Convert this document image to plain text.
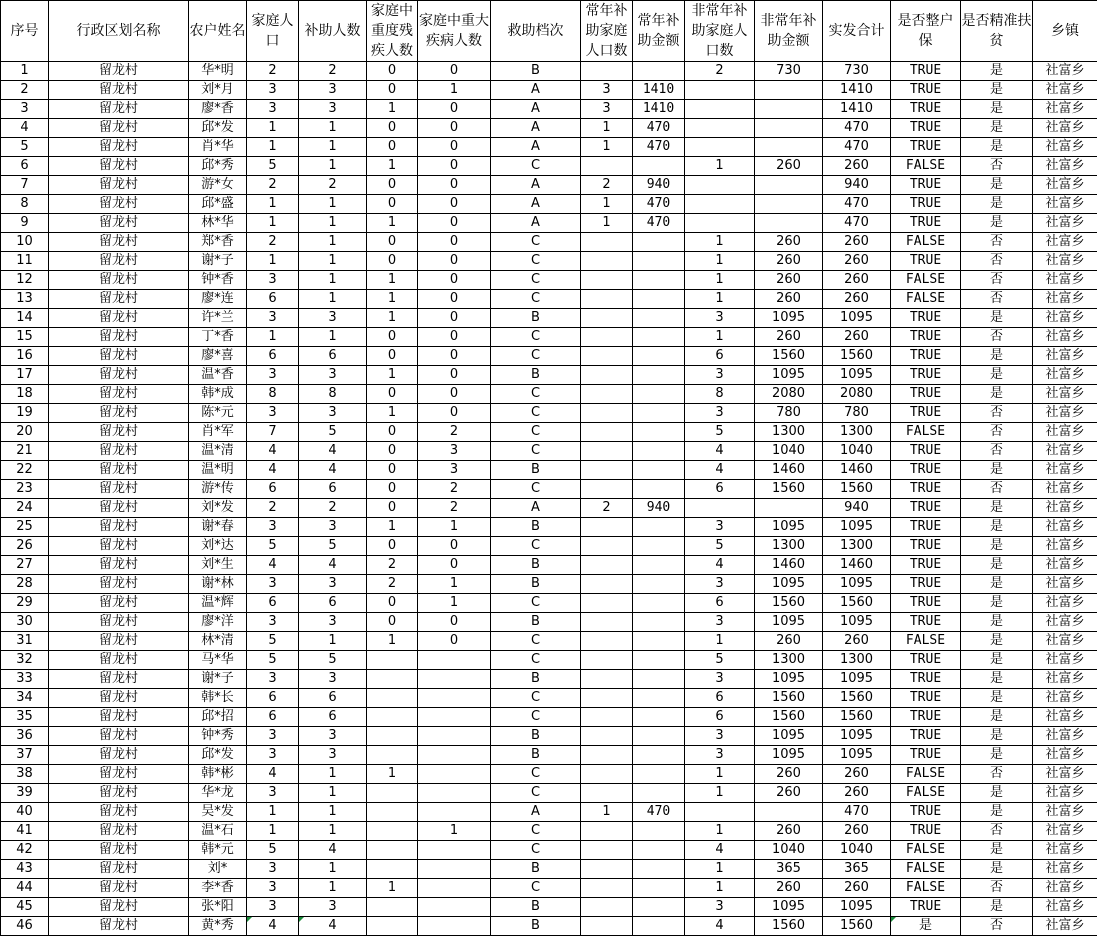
序号	行政区划名称	农户姓名	家庭人口	补助人数	家庭中重度残疾人数	家庭中重大疾病人数	救助档次	常年补助家庭人口数	常年补助金额	非常年补助家庭人口数	非常年补助金额	实发合计	是否整户保	是否精准扶贫	乡镇
1	留龙村	华*明	2	2	0	0	B			2	730	730	TRUE	是	社富乡
2	留龙村	刘*月	3	3	0	1	A	3	1410			1410	TRUE	是	社富乡
3	留龙村	廖*香	3	3	1	0	A	3	1410			1410	TRUE	是	社富乡
4	留龙村	邱*发	1	1	0	0	A	1	470			470	TRUE	是	社富乡
5	留龙村	肖*华	1	1	0	0	A	1	470			470	TRUE	是	社富乡
6	留龙村	邱*秀	5	1	1	0	C			1	260	260	FALSE	否	社富乡
7	留龙村	游*女	2	2	0	0	A	2	940			940	TRUE	是	社富乡
8	留龙村	邱*盛	1	1	0	0	A	1	470			470	TRUE	是	社富乡
9	留龙村	林*华	1	1	1	0	A	1	470			470	TRUE	是	社富乡
10	留龙村	郑*香	2	1	0	0	C			1	260	260	FALSE	否	社富乡
11	留龙村	谢*子	1	1	0	0	C			1	260	260	TRUE	否	社富乡
12	留龙村	钟*香	3	1	1	0	C			1	260	260	FALSE	否	社富乡
13	留龙村	廖*连	6	1	1	0	C			1	260	260	FALSE	否	社富乡
14	留龙村	许*兰	3	3	1	0	B			3	1095	1095	TRUE	是	社富乡
15	留龙村	丁*香	1	1	0	0	C			1	260	260	TRUE	否	社富乡
16	留龙村	廖*喜	6	6	0	0	C			6	1560	1560	TRUE	是	社富乡
17	留龙村	温*香	3	3	1	0	B			3	1095	1095	TRUE	是	社富乡
18	留龙村	韩*成	8	8	0	0	C			8	2080	2080	TRUE	是	社富乡
19	留龙村	陈*元	3	3	1	0	C			3	780	780	TRUE	否	社富乡
20	留龙村	肖*军	7	5	0	2	C			5	1300	1300	FALSE	否	社富乡
21	留龙村	温*清	4	4	0	3	C			4	1040	1040	TRUE	否	社富乡
22	留龙村	温*明	4	4	0	3	B			4	1460	1460	TRUE	是	社富乡
23	留龙村	游*传	6	6	0	2	C			6	1560	1560	TRUE	否	社富乡
24	留龙村	刘*发	2	2	0	2	A	2	940			940	TRUE	是	社富乡
25	留龙村	谢*春	3	3	1	1	B			3	1095	1095	TRUE	是	社富乡
26	留龙村	刘*达	5	5	0	0	C			5	1300	1300	TRUE	是	社富乡
27	留龙村	刘*生	4	4	2	0	B			4	1460	1460	TRUE	是	社富乡
28	留龙村	谢*林	3	3	2	1	B			3	1095	1095	TRUE	是	社富乡
29	留龙村	温*辉	6	6	0	1	C			6	1560	1560	TRUE	是	社富乡
30	留龙村	廖*洋	3	3	0	0	B			3	1095	1095	TRUE	是	社富乡
31	留龙村	林*清	5	1	1	0	C			1	260	260	FALSE	是	社富乡
32	留龙村	马*华	5	5			C			5	1300	1300	TRUE	是	社富乡
33	留龙村	谢*子	3	3			B			3	1095	1095	TRUE	是	社富乡
34	留龙村	韩*长	6	6			C			6	1560	1560	TRUE	是	社富乡
35	留龙村	邱*招	6	6			C			6	1560	1560	TRUE	是	社富乡
36	留龙村	钟*秀	3	3			B			3	1095	1095	TRUE	是	社富乡
37	留龙村	邱*发	3	3			B			3	1095	1095	TRUE	是	社富乡
38	留龙村	韩*彬	4	1	1		C			1	260	260	FALSE	否	社富乡
39	留龙村	华*龙	3	1			C			1	260	260	FALSE	是	社富乡
40	留龙村	吴*发	1	1			A	1	470			470	TRUE	是	社富乡
41	留龙村	温*石	1	1		1	C			1	260	260	TRUE	否	社富乡
42	留龙村	韩*元	5	4			C			4	1040	1040	FALSE	是	社富乡
43	留龙村	刘*	3	1			B			1	365	365	FALSE	是	社富乡
44	留龙村	李*香	3	1	1		C			1	260	260	FALSE	否	社富乡
45	留龙村	张*阳	3	3			B			3	1095	1095	TRUE	是	社富乡
46	留龙村	黄*秀	4	4			B			4	1560	1560	是	否	社富乡
